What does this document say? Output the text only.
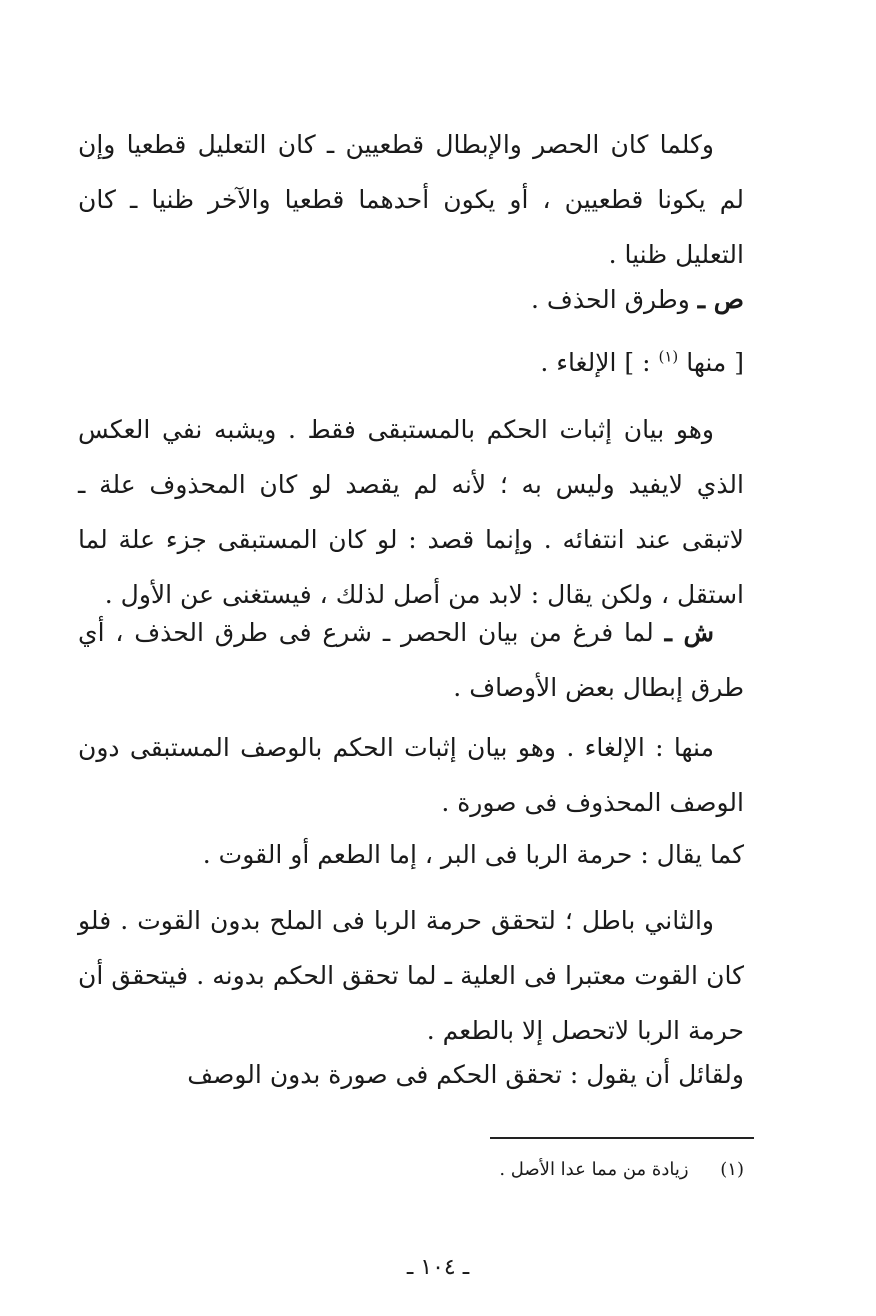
وكلما كان الحصر والإبطال قطعيين ـ كان التعليل قطعيا وإن لم يكونا قطعيين ، أو يكون أحدهما قطعيا والآخر ظنيا ـ كان التعليل ظنيا .

ص ـ وطرق الحذف .
[ منها $^{(١)}$ : ] الإلغاء .

وهو بيان إثبات الحكم بالمستبقى فقط . ويشبه نفي العكس الذي لايفيد وليس به ؛ لأنه لم يقصد لو كان المحذوف علة ـ لاتبقى عند انتفائه . وإنما قصد : لو كان المستبقى جزء علة لما استقل ، ولكن يقال : لابد من أصل لذلك ، فيستغنى عن الأول .

ش ـ لما فرغ من بيان الحصر ـ شرع فى طرق الحذف ، أي طرق إبطال بعض الأوصاف .

منها : الإلغاء . وهو بيان إثبات الحكم بالوصف المستبقى دون الوصف المحذوف فى صورة .

كما يقال : حرمة الربا فى البر ، إما الطعم أو القوت .

والثاني باطل ؛ لتحقق حرمة الربا فى الملح بدون القوت . فلو كان القوت معتبرا فى العلية ـ لما تحقق الحكم بدونه . فيتحقق أن حرمة الربا لاتحصل إلا بالطعم .

ولقائل أن يقول : تحقق الحكم فى صورة بدون الوصف
(١) زيادة من مما عدا الأصل .
ـ ١٠٤ ـ
